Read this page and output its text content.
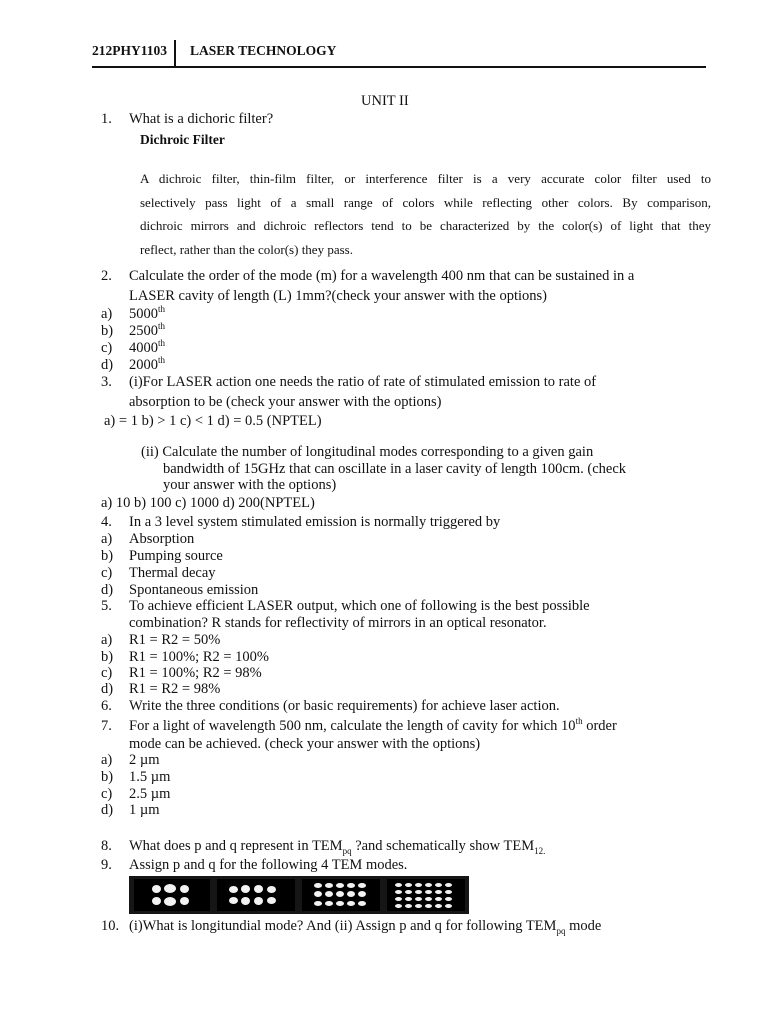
212PHY1103 LASER TECHNOLOGY
UNIT II
1. What is a dichoric filter?
Dichroic Filter
A dichroic filter, thin-film filter, or interference filter is a very accurate color filter used to
selectively pass light of a small range of colors while reflecting other colors. By comparison,
dichroic mirrors and dichroic reflectors tend to be characterized by the color(s) of light that they
reflect, rather than the color(s) they pass.
2. Calculate the order of the mode (m) for a wavelength 400 nm that can be sustained in a
LASER cavity of length (L) 1mm?(check your answer with the options)
a) 5000th
b) 2500th
c) 4000th
d) 2000th
3. (i)For LASER action one needs the ratio of rate of stimulated emission to rate of
absorption to be (check your answer with the options)
a) = 1 b) > 1 c) < 1 d) = 0.5 (NPTEL)
(ii) Calculate the number of longitudinal modes corresponding to a given gain
bandwidth of 15GHz that can oscillate in a laser cavity of length 100cm. (check
your answer with the options)
a) 10 b) 100 c) 1000 d) 200(NPTEL)
4. In a 3 level system stimulated emission is normally triggered by
a) Absorption
b) Pumping source
c) Thermal decay
d) Spontaneous emission
5. To achieve efficient LASER output, which one of following is the best possible
combination? R stands for reflectivity of mirrors in an optical resonator.
a) R1 = R2 = 50%
b) R1 = 100%; R2 = 100%
c) R1 = 100%; R2 = 98%
d) R1 = R2 = 98%
6. Write the three conditions (or basic requirements) for achieve laser action.
7. For a light of wavelength 500 nm, calculate the length of cavity for which 10th order
mode can be achieved. (check your answer with the options)
a) 2 µm
b) 1.5 µm
c) 2.5 µm
d) 1 µm
8. What does p and q represent in $TEM_{pq}$ ?and schematically show $TEM_{12.}$
9. Assign p and q for the following 4 TEM modes.
10. (i)What is longitundial mode? And (ii) Assign p and q for following $TEM_{pq}$ mode
